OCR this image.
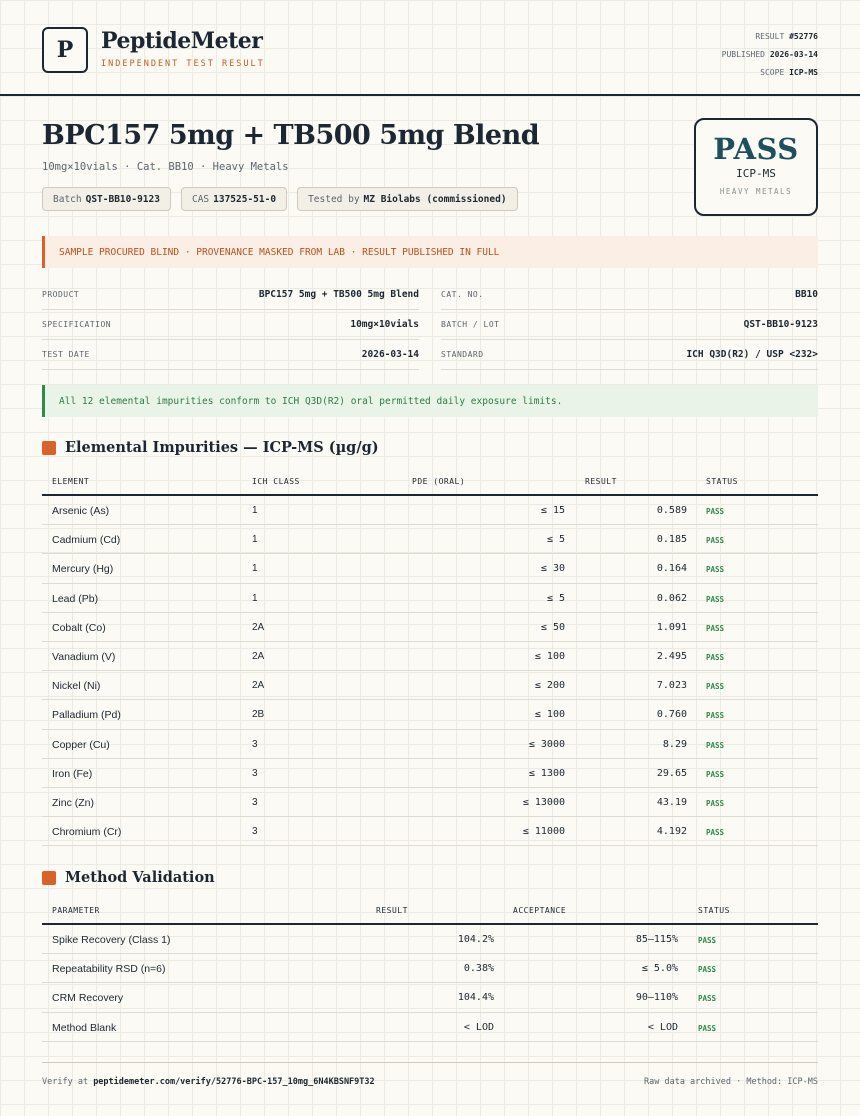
P	PeptideMeter
INDEPENDENT TEST RESULT
RESULT #52776
PUBLISHED 2026-03-14
SCOPE ICP-MS
BPC157 5mg + TB500 5mg Blend
10mg×10vials · Cat. BB10 · Heavy Metals
Batch QST-BB10-9123	CAS 137525-51-0	Tested by MZ Biolabs (commissioned)
PASS
ICP-MS
HEAVY METALS
SAMPLE PROCURED BLIND · PROVENANCE MASKED FROM LAB · RESULT PUBLISHED IN FULL
PRODUCT	BPC157 5mg + TB500 5mg Blend	CAT. NO.	BB10
SPECIFICATION	10mg×10vials	BATCH / LOT	QST-BB10-9123
TEST DATE	2026-03-14	STANDARD	ICH Q3D(R2) / USP <232>
All 12 elemental impurities conform to ICH Q3D(R2) oral permitted daily exposure limits.
Elemental Impurities — ICP-MS (µg/g)
ELEMENT	ICH CLASS	PDE (ORAL)	RESULT	STATUS
Arsenic (As)	1	≤ 15	0.589	PASS
Cadmium (Cd)	1	≤ 5	0.185	PASS
Mercury (Hg)	1	≤ 30	0.164	PASS
Lead (Pb)	1	≤ 5	0.062	PASS
Cobalt (Co)	2A	≤ 50	1.091	PASS
Vanadium (V)	2A	≤ 100	2.495	PASS
Nickel (Ni)	2A	≤ 200	7.023	PASS
Palladium (Pd)	2B	≤ 100	0.760	PASS
Copper (Cu)	3	≤ 3000	8.29	PASS
Iron (Fe)	3	≤ 1300	29.65	PASS
Zinc (Zn)	3	≤ 13000	43.19	PASS
Chromium (Cr)	3	≤ 11000	4.192	PASS
Method Validation
PARAMETER	RESULT	ACCEPTANCE	STATUS
Spike Recovery (Class 1)	104.2%	85–115%	PASS
Repeatability RSD (n=6)	0.38%	≤ 5.0%	PASS
CRM Recovery	104.4%	90–110%	PASS
Method Blank	< LOD	< LOD	PASS
Verify at peptidemeter.com/verify/52776-BPC-157_10mg_6N4KBSNF9T32	Raw data archived · Method: ICP-MS
